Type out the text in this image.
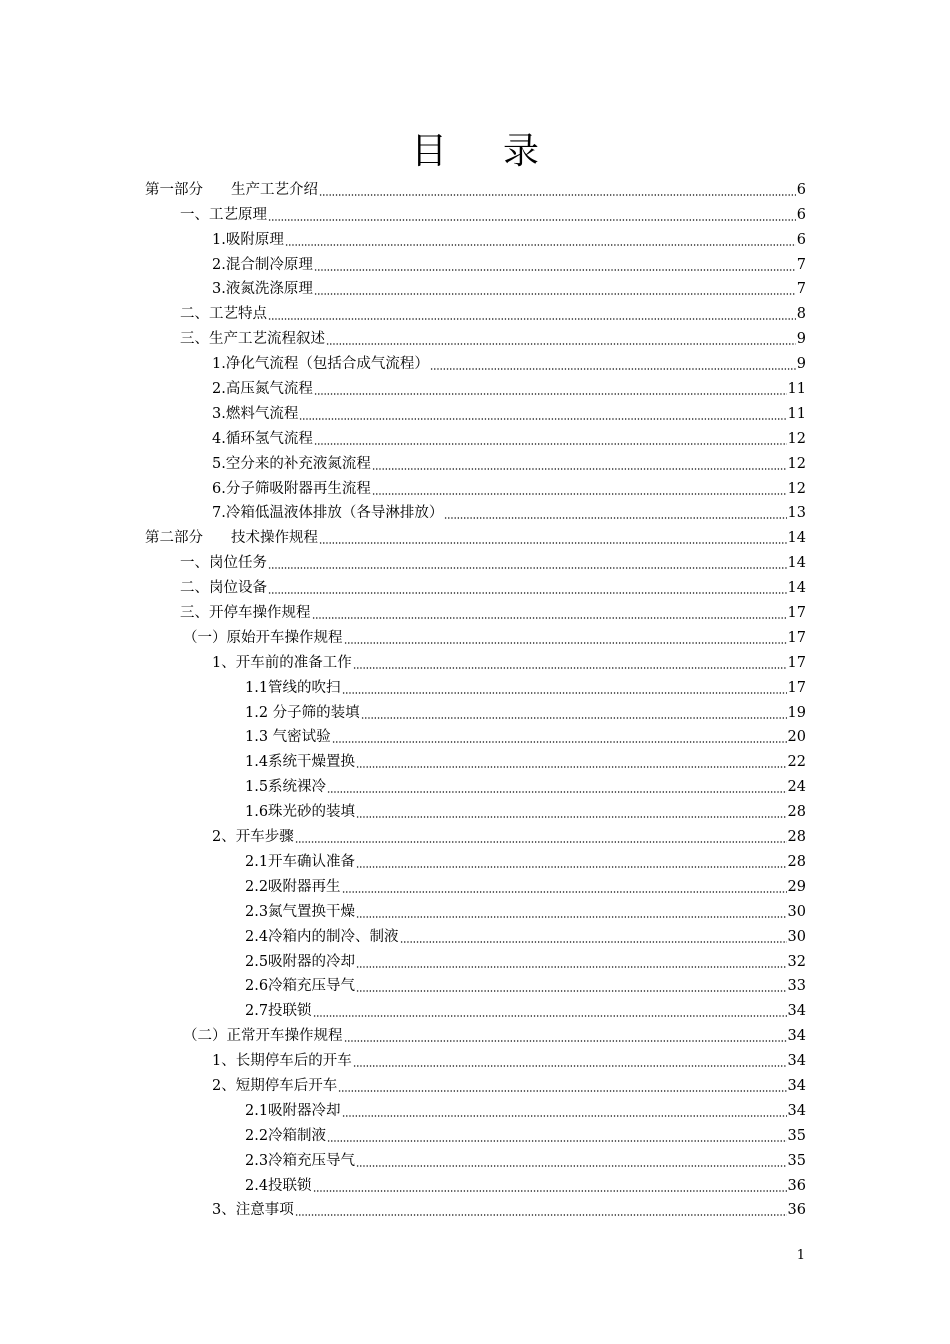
目 录
第一部分 生产工艺介绍	6
一、工艺原理	6
1.吸附原理	6
2.混合制冷原理	7
3.液氮洗涤原理	7
二、工艺特点	8
三、生产工艺流程叙述	9
1.净化气流程（包括合成气流程）	9
2.高压氮气流程	11
3.燃料气流程	11
4.循环氢气流程	12
5.空分来的补充液氮流程	12
6.分子筛吸附器再生流程	12
7.冷箱低温液体排放（各导淋排放）	13
第二部分 技术操作规程	14
一、岗位任务	14
二、岗位设备	14
三、开停车操作规程	17
（一）原始开车操作规程	17
1、开车前的准备工作	17
1.1管线的吹扫	17
1.2 分子筛的装填	19
1.3 气密试验	20
1.4系统干燥置换	22
1.5系统裸冷	24
1.6珠光砂的装填	28
2、开车步骤	28
2.1开车确认准备	28
2.2吸附器再生	29
2.3氮气置换干燥	30
2.4冷箱内的制冷、制液	30
2.5吸附器的冷却	32
2.6冷箱充压导气	33
2.7投联锁	34
（二）正常开车操作规程	34
1、长期停车后的开车	34
2、短期停车后开车	34
2.1吸附器冷却	34
2.2冷箱制液	35
2.3冷箱充压导气	35
2.4投联锁	36
3、注意事项	36
1
